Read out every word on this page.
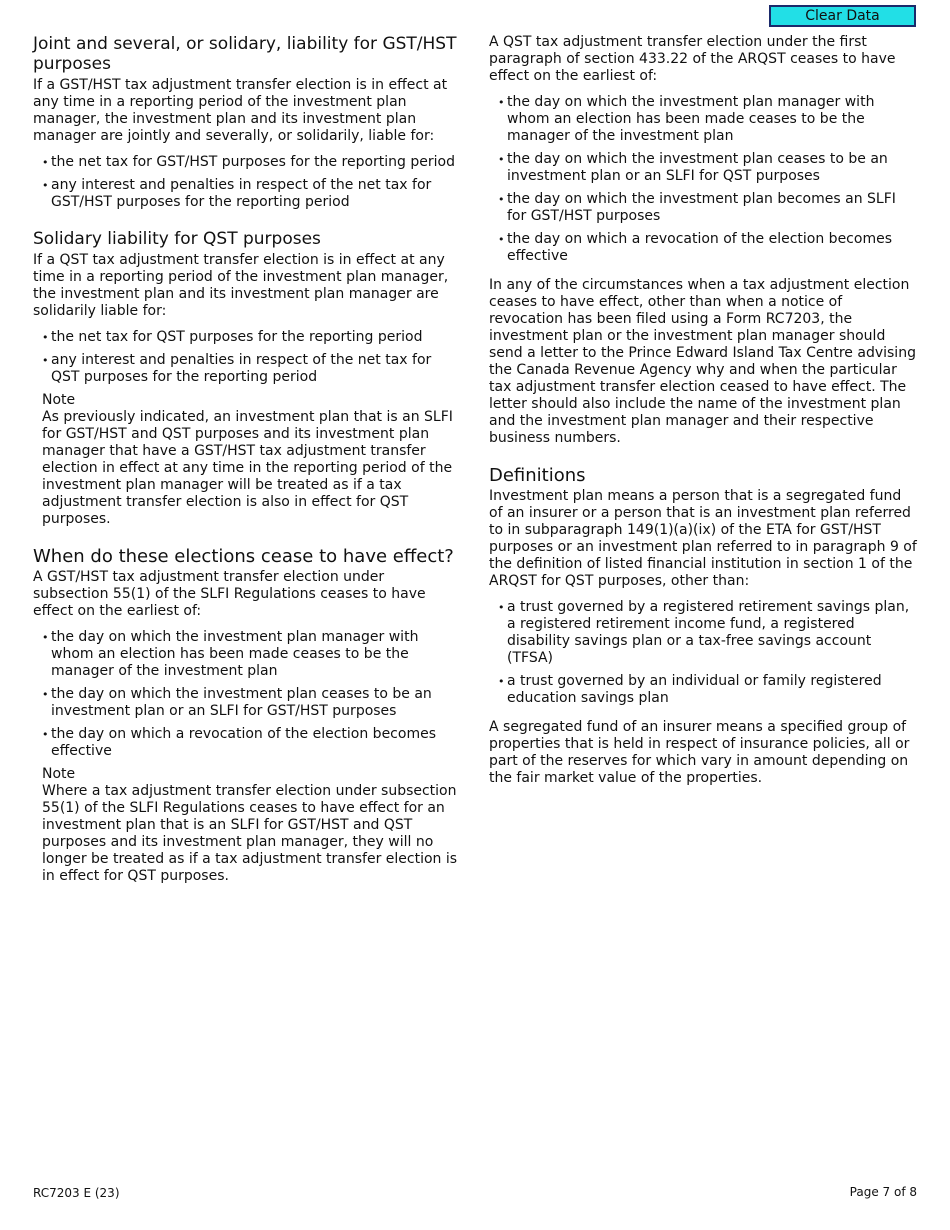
Clear Data
Joint and several, or solidary, liability for GST/HST purposes

If a GST/HST tax adjustment transfer election is in effect at any time in a reporting period of the investment plan manager, the investment plan and its investment plan manager are jointly and severally, or solidarily, liable for:

• the net tax for GST/HST purposes for the reporting period
• any interest and penalties in respect of the net tax for GST/HST purposes for the reporting period
Solidary liability for QST purposes

If a QST tax adjustment transfer election is in effect at any time in a reporting period of the investment plan manager, the investment plan and its investment plan manager are solidarily liable for:

• the net tax for QST purposes for the reporting period
• any interest and penalties in respect of the net tax for QST purposes for the reporting period
Note

As previously indicated, an investment plan that is an SLFI for GST/HST and QST purposes and its investment plan manager that have a GST/HST tax adjustment transfer election in effect at any time in the reporting period of the investment plan manager will be treated as if a tax adjustment transfer election is also in effect for QST purposes.

When do these elections cease to have effect?

A GST/HST tax adjustment transfer election under subsection 55(1) of the SLFI Regulations ceases to have effect on the earliest of:

• the day on which the investment plan manager with whom an election has been made ceases to be the manager of the investment plan
• the day on which the investment plan ceases to be an investment plan or an SLFI for GST/HST purposes
• the day on which a revocation of the election becomes effective
Note

Where a tax adjustment transfer election under subsection 55(1) of the SLFI Regulations ceases to have effect for an investment plan that is an SLFI for GST/HST and QST purposes and its investment plan manager, they will no longer be treated as if a tax adjustment transfer election is in effect for QST purposes.

A QST tax adjustment transfer election under the first paragraph of section 433.22 of the ARQST ceases to have effect on the earliest of:

• the day on which the investment plan manager with whom an election has been made ceases to be the manager of the investment plan
• the day on which the investment plan ceases to be an investment plan or an SLFI for QST purposes
• the day on which the investment plan becomes an SLFI for GST/HST purposes
• the day on which a revocation of the election becomes effective

In any of the circumstances when a tax adjustment election ceases to have effect, other than when a notice of revocation has been filed using a Form RC7203, the investment plan or the investment plan manager should send a letter to the Prince Edward Island Tax Centre advising the Canada Revenue Agency why and when the particular tax adjustment transfer election ceased to have effect. The letter should also include the name of the investment plan and the investment plan manager and their respective business numbers.

Definitions

Investment plan means a person that is a segregated fund of an insurer or a person that is an investment plan referred to in subparagraph 149(1)(a)(ix) of the ETA for GST/HST purposes or an investment plan referred to in paragraph 9 of the definition of listed financial institution in section 1 of the ARQST for QST purposes, other than:

• a trust governed by a registered retirement savings plan, a registered retirement income fund, a registered disability savings plan or a tax-free savings account (TFSA)
• a trust governed by an individual or family registered education savings plan

A segregated fund of an insurer means a specified group of properties that is held in respect of insurance policies, all or part of the reserves for which vary in amount depending on the fair market value of the properties.

RC7203 E (23)	Page 7 of 8
